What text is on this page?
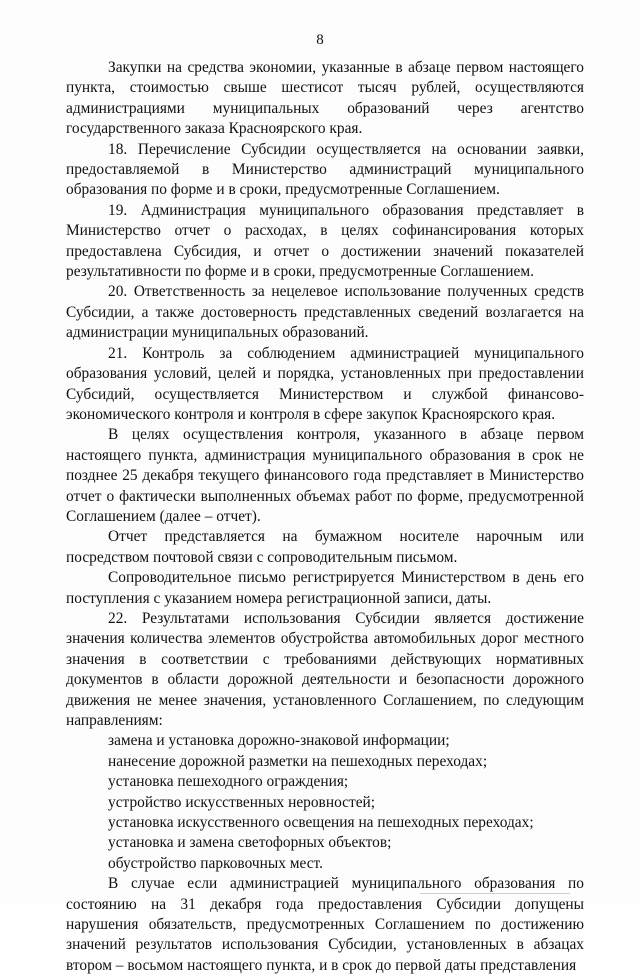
8

Закупки на средства экономии, указанные в абзаце первом настоящего пункта, стоимостью свыше шестисот тысяч рублей, осуществляются администрациями муниципальных образований через агентство государственного заказа Красноярского края.

18. Перечисление Субсидии осуществляется на основании заявки, предоставляемой в Министерство администраций муниципального образования по форме и в сроки, предусмотренные Соглашением.

19. Администрация муниципального образования представляет в Министерство отчет о расходах, в целях софинансирования которых предоставлена Субсидия, и отчет о достижении значений показателей результативности по форме и в сроки, предусмотренные Соглашением.

20. Ответственность за нецелевое использование полученных средств Субсидии, а также достоверность представленных сведений возлагается на администрации муниципальных образований.

21. Контроль за соблюдением администрацией муниципального образования условий, целей и порядка, установленных при предоставлении Субсидий, осуществляется Министерством и службой финансово-экономического контроля и контроля в сфере закупок Красноярского края.

В целях осуществления контроля, указанного в абзаце первом настоящего пункта, администрация муниципального образования в срок не позднее 25 декабря текущего финансового года представляет в Министерство отчет о фактически выполненных объемах работ по форме, предусмотренной Соглашением (далее – отчет).

Отчет представляется на бумажном носителе нарочным или посредством почтовой связи с сопроводительным письмом.

Сопроводительное письмо регистрируется Министерством в день его поступления с указанием номера регистрационной записи, даты.

22. Результатами использования Субсидии является достижение значения количества элементов обустройства автомобильных дорог местного значения в соответствии с требованиями действующих нормативных документов в области дорожной деятельности и безопасности дорожного движения не менее значения, установленного Соглашением, по следующим направлениям:

замена и установка дорожно-знаковой информации;

нанесение дорожной разметки на пешеходных переходах;

установка пешеходного ограждения;

устройство искусственных неровностей;

установка искусственного освещения на пешеходных переходах;

установка и замена светофорных объектов;

обустройство парковочных мест.

В случае если администрацией муниципального образования по состоянию на 31 декабря года предоставления Субсидии допущены нарушения обязательств, предусмотренных Соглашением по достижению значений результатов использования Субсидии, установленных в абзацах втором – восьмом настоящего пункта, и в срок до первой даты представления
